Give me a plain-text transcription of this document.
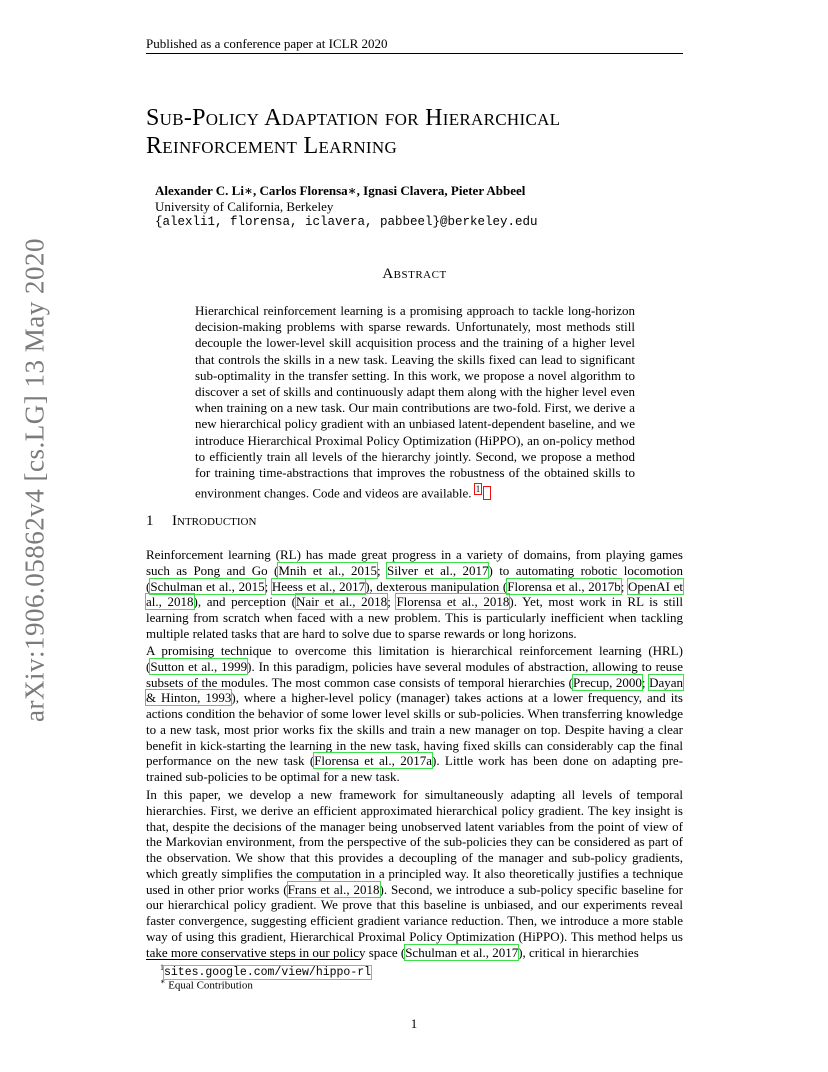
arXiv:1906.05862v4 [cs.LG] 13 May 2020
Published as a conference paper at ICLR 2020
Sub-Policy Adaptation for Hierarchical
Reinforcement Learning
Alexander C. Li∗, Carlos Florensa∗, Ignasi Clavera, Pieter Abbeel
University of California, Berkeley
{alexli1, florensa, iclavera, pabbeel}@berkeley.edu
Abstract
Hierarchical reinforcement learning is a promising approach to tackle long-horizon decision-making problems with sparse rewards. Unfortunately, most methods still decouple the lower-level skill acquisition process and the training of a higher level that controls the skills in a new task. Leaving the skills fixed can lead to significant sub-optimality in the transfer setting. In this work, we propose a novel algorithm to discover a set of skills and continuously adapt them along with the higher level even when training on a new task. Our main contributions are two-fold. First, we derive a new hierarchical policy gradient with an unbiased latent-dependent baseline, and we introduce Hierarchical Proximal Policy Optimization (HiPPO), an on-policy method to efficiently train all levels of the hierarchy jointly. Second, we propose a method for training time-abstractions that improves the robustness of the obtained skills to environment changes. Code and videos are available. $^1$
1 Introduction

Reinforcement learning (RL) has made great progress in a variety of domains, from playing games such as Pong and Go (Mnih et al., 2015; Silver et al., 2017) to automating robotic locomotion (Schulman et al., 2015; Heess et al., 2017), dexterous manipulation (Florensa et al., 2017b; OpenAI et al., 2018), and perception (Nair et al., 2018; Florensa et al., 2018). Yet, most work in RL is still learning from scratch when faced with a new problem. This is particularly inefficient when tackling multiple related tasks that are hard to solve due to sparse rewards or long horizons.

A promising technique to overcome this limitation is hierarchical reinforcement learning (HRL) (Sutton et al., 1999). In this paradigm, policies have several modules of abstraction, allowing to reuse subsets of the modules. The most common case consists of temporal hierarchies (Precup, 2000; Dayan & Hinton, 1993), where a higher-level policy (manager) takes actions at a lower frequency, and its actions condition the behavior of some lower level skills or sub-policies. When transferring knowledge to a new task, most prior works fix the skills and train a new manager on top. Despite having a clear benefit in kick-starting the learning in the new task, having fixed skills can considerably cap the final performance on the new task (Florensa et al., 2017a). Little work has been done on adapting pre-trained sub-policies to be optimal for a new task.

In this paper, we develop a new framework for simultaneously adapting all levels of temporal hierarchies. First, we derive an efficient approximated hierarchical policy gradient. The key insight is that, despite the decisions of the manager being unobserved latent variables from the point of view of the Markovian environment, from the perspective of the sub-policies they can be considered as part of the observation. We show that this provides a decoupling of the manager and sub-policy gradients, which greatly simplifies the computation in a principled way. It also theoretically justifies a technique used in other prior works (Frans et al., 2018). Second, we introduce a sub-policy specific baseline for our hierarchical policy gradient. We prove that this baseline is unbiased, and our experiments reveal faster convergence, suggesting efficient gradient variance reduction. Then, we introduce a more stable way of using this gradient, Hierarchical Proximal Policy Optimization (HiPPO). This method helps us take more conservative steps in our policy space (Schulman et al., 2017), critical in hierarchies

$^1$sites.google.com/view/hippo-rl
∗ Equal Contribution
1
